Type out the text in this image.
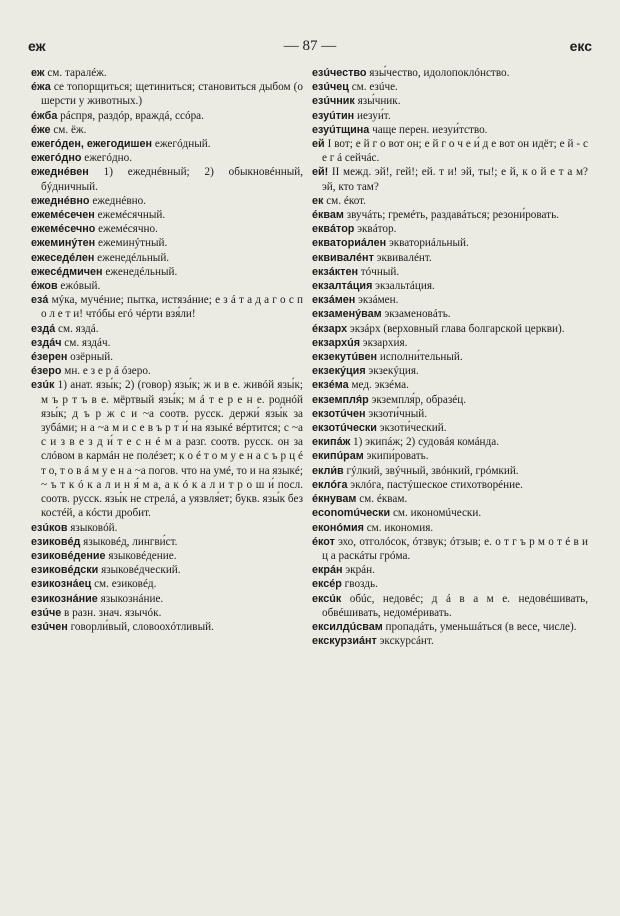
еж	— 87 —	екс

еж см. таралéж.

éжа се топорщиться; щетиниться; становиться дыбом (о шерсти у животных.)

éжба рáспря, раздóр, враждá, ссóра.

éже см. ёж.

ежегóден, ежегодишен ежегóдный.

ежегóдно ежегóдно.

ежеднéвен 1) ежеднéвный; 2) обыкновéнный, бýдничный.

ежеднéвно ежеднéвно.

ежемéсечен ежемéсячный.

ежемéсечно ежемéсячно.

ежеминýтен ежеминýтный.

ежеседéлен еженедéльный.

ежесéдмичен еженедéльный.

éжов ежóвый.

езá мýка, мучéние; пытка, истязáние; е з á т а д а г о с п о л е т и! чтóбы егó чéрти взя́ли!

ездá см. яздá.

ездáч см. яздáч.

éзерен озёрный.

éзеро мн. е з е р á óзеро.

езúк 1) анат. язы́к; 2) (говор) язы́к; ж и в е. живóй язы́к; м ъ р т ъ в е. мёртвый язы́к; м á т е р е н е. роднóй язы́к; д ъ р ж с и ~а соотв. русск. держи́ язы́к за зубáми; н а ~а м и с е в ъ р т и́ на языкé вéртится; с ~а с и з в е з д и́ т е с н é м а разг. соотв. русск. он за слóвом в кармáн не полéзет; к о é т о м у е н а с ъ р ц é т о, т о в á м у е н а ~а погов. что на умé, то и на языкé; ~ ъ т к ó к а л и н я́ м а, а к ó к а л и т р о ш и́ посл. соотв. русск. язы́к не стрелá, а уязвля́ет; букв. язы́к без костéй, а кóсти дробит.

езúков языковóй.

езиковéд языковéд, лингви́ст.

езиковéдение языковéдение.

езиковéдски языковéдческий.

езикознáец см. езиковéд.

езикознáние языкознáние.

езúче в разн. знач. язычóк.

езúчен говорли́вый, словоохóтливый.

езúчество язы́чество, идолопоклóнство.

езúчец см. езúче.

езúчник язы́чник.

езуúтин иезуи́т.

езуúтщина чаще перен. иезуи́тство.

ей I вот; е й г о вот он; е й г о ч е и́ д е вот он идёт; е й - с е г á сейчáс.

ей! II межд. эй!, гей!; ей. т и! эй, ты!; е й, к о й е т а м? эй, кто там?

ек см. éкот.

éквам звучáть; гремéть, раздавáться; резони́ровать.

еквáтор эквáтор.

екваториáлен экваториáльный.

еквивалéнт эквивалéнт.

екзáктен тóчный.

екзалтáция экзальтáция.

екзáмен экзáмен.

екзаменýвам экзаменовáть.

éкзарх экзáрх (верховный глава болгарской церкви).

екзархúя экзархи́я.

екзекутúвен исполни́тельный.

екзекýция экзекýция.

екзéма мед. экзéма.

екземпля́р экземпля́р, образéц.

екзотúчен экзоти́чный.

екзотúчески экзоти́ческий.

екипáж 1) экипáж; 2) судовáя комáнда.

екипúрам экипи́ровать.

екли́в гýлкий, звýчный, звóнкий, грóмкий.

еклóга эклóга, пастýшеское стихотворéние.

éкнувам см. éквам.

economúчески см. икономúчески.

еконóмия см. икономия.

éкот эхо, отголóсок, óтзвук; óтзыв; е. о т г ъ р м о т é в и ц а раскáты грóма.

екрáн экрáн.

ексéр гвоздь.

ексúк обúс, недовéс; д á в а м е. недовéшивать, обвéшивать, недомéривать.

ексилдúсвам пропадáть, уменьшáться (в весе, числе).

екскурзиáнт экскурсáнт.
